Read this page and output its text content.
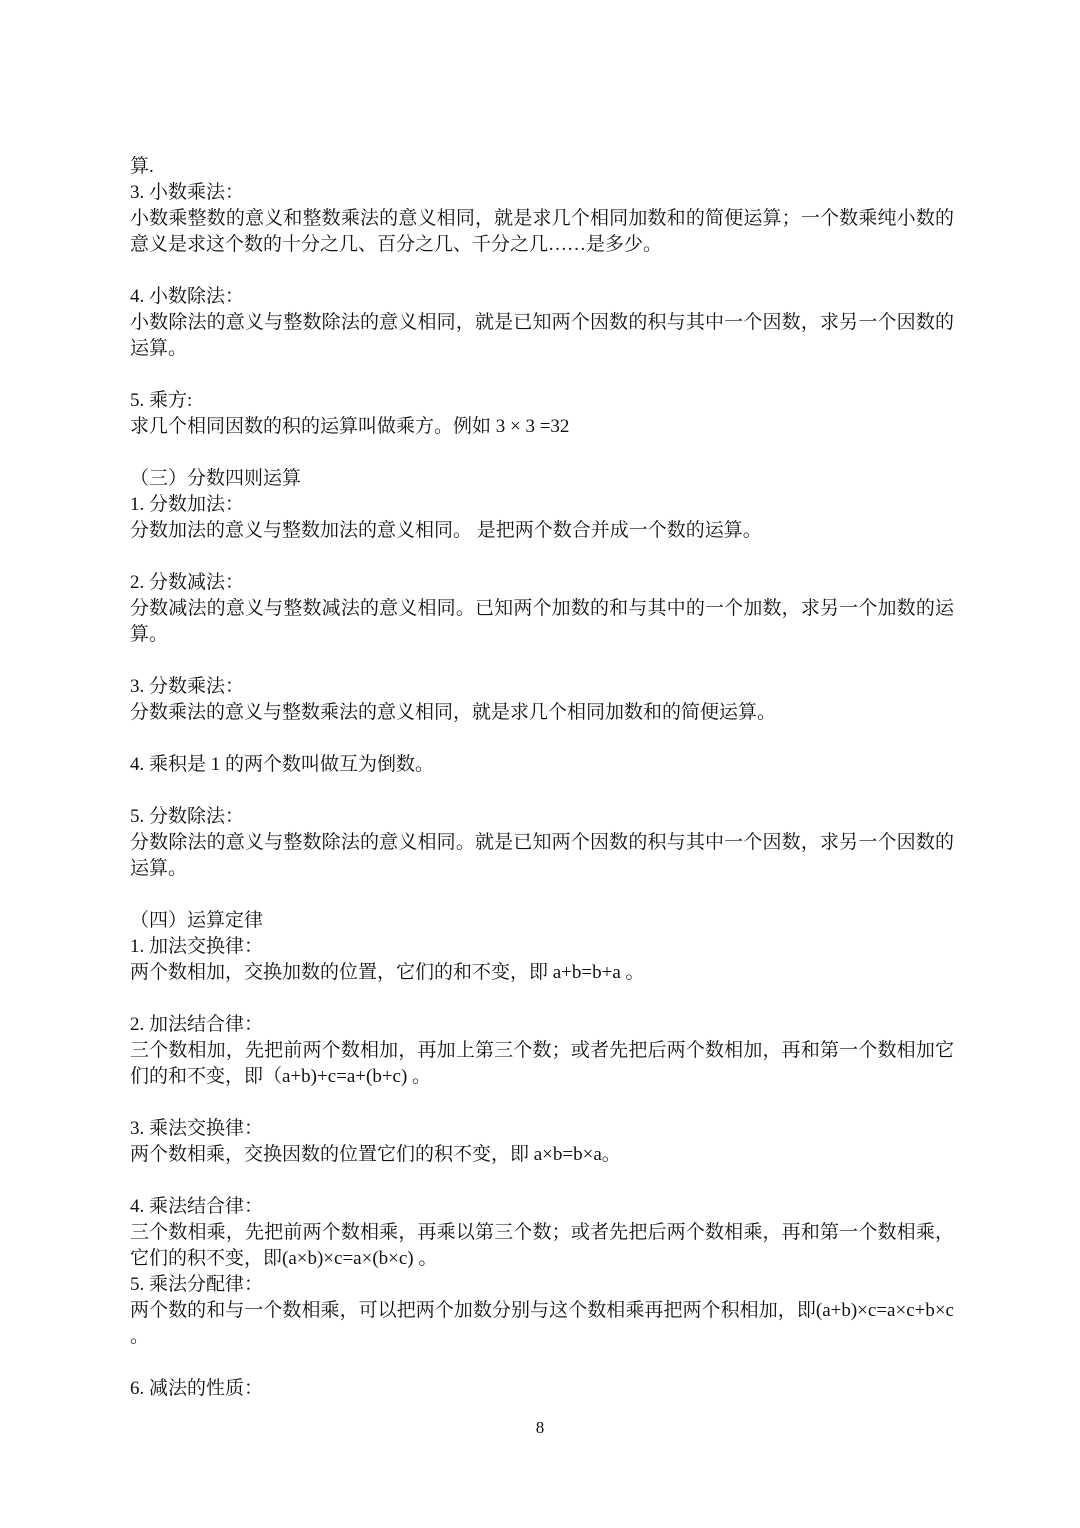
算.
3. 小数乘法：
小数乘整数的意义和整数乘法的意义相同，就是求几个相同加数和的简便运算；一个数乘纯小数的意义是求这个数的十分之几、百分之几、千分之几……是多少。
4. 小数除法：
小数除法的意义与整数除法的意义相同，就是已知两个因数的积与其中一个因数，求另一个因数的运算。
5. 乘方:
求几个相同因数的积的运算叫做乘方。例如 3 × 3 =32
（三）分数四则运算
1. 分数加法：
分数加法的意义与整数加法的意义相同。 是把两个数合并成一个数的运算。
2. 分数减法：
分数减法的意义与整数减法的意义相同。已知两个加数的和与其中的一个加数，求另一个加数的运算。
3. 分数乘法：
分数乘法的意义与整数乘法的意义相同，就是求几个相同加数和的简便运算。
4. 乘积是 1 的两个数叫做互为倒数。
5. 分数除法：
分数除法的意义与整数除法的意义相同。就是已知两个因数的积与其中一个因数，求另一个因数的运算。
（四）运算定律
1. 加法交换律：
两个数相加，交换加数的位置，它们的和不变，即 a+b=b+a 。
2. 加法结合律：
三个数相加，先把前两个数相加，再加上第三个数；或者先把后两个数相加，再和第一个数相加它们的和不变，即（a+b)+c=a+(b+c) 。
3. 乘法交换律：
两个数相乘，交换因数的位置它们的积不变，即 a×b=b×a。
4. 乘法结合律：
三个数相乘，先把前两个数相乘，再乘以第三个数；或者先把后两个数相乘，再和第一个数相乘，它们的积不变，即(a×b)×c=a×(b×c) 。
5. 乘法分配律：
两个数的和与一个数相乘，可以把两个加数分别与这个数相乘再把两个积相加，即(a+b)×c=a×c+b×c 。
6. 减法的性质：
8
